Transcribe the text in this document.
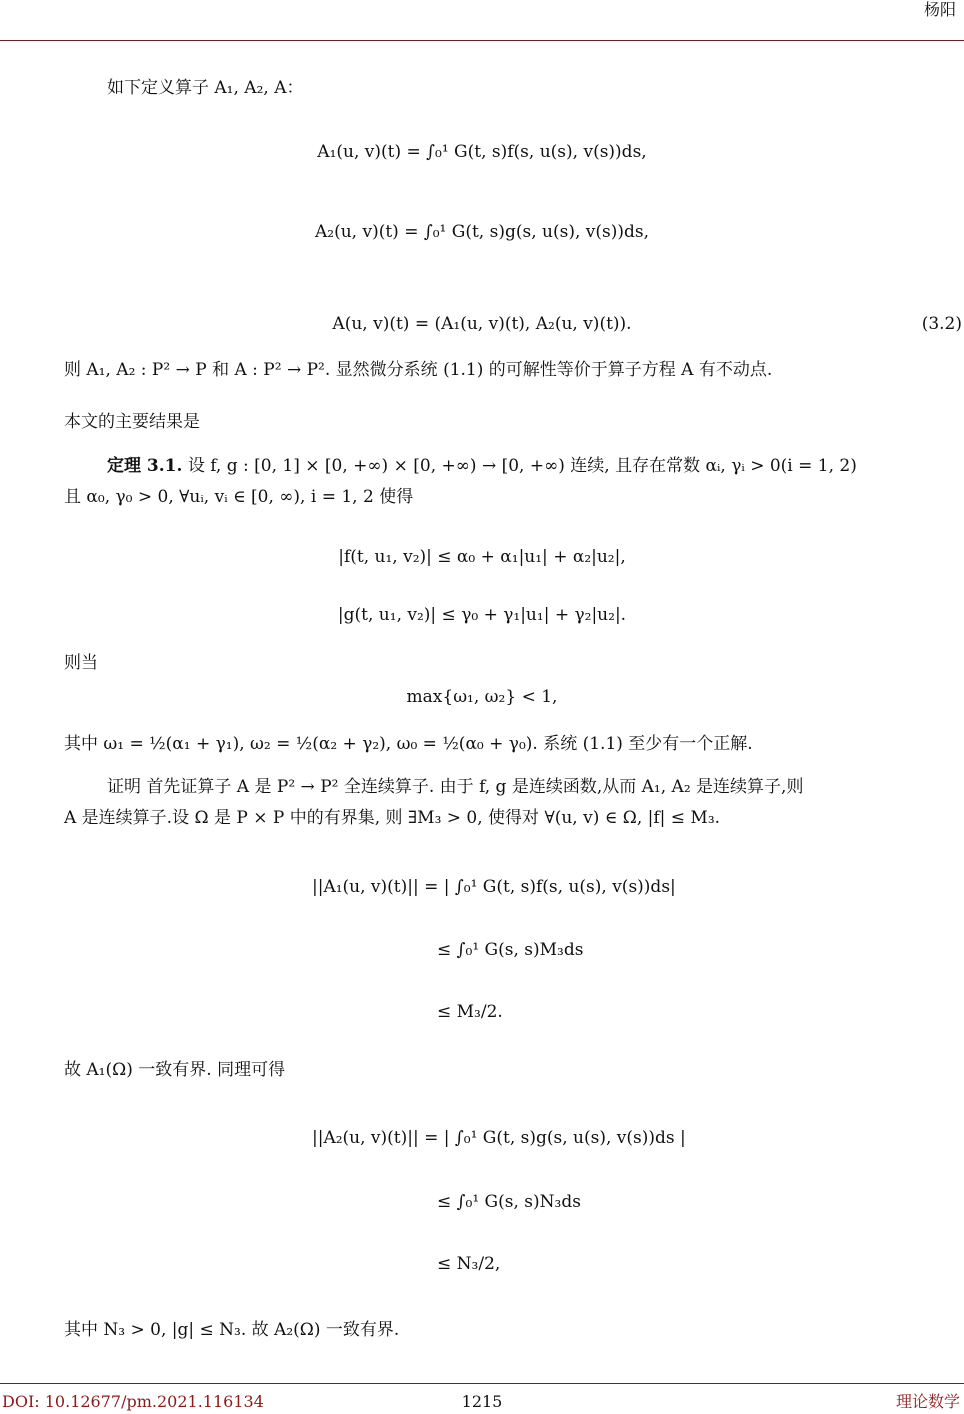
杨阳
如下定义算子 A₁, A₂, A：
A₁(u, v)(t) = ∫₀¹ G(t, s)f(s, u(s), v(s))ds,
A₂(u, v)(t) = ∫₀¹ G(t, s)g(s, u(s), v(s))ds,
A(u, v)(t) = (A₁(u, v)(t), A₂(u, v)(t)).	(3.2)
则 A₁, A₂ : P² → P 和 A : P² → P². 显然微分系统 (1.1) 的可解性等价于算子方程 A 有不动点.
本文的主要结果是
定理 3.1. 设 f, g : [0, 1] × [0, +∞) × [0, +∞) → [0, +∞) 连续, 且存在常数 αᵢ, γᵢ > 0(i = 1, 2)
且 α₀, γ₀ > 0, ∀uᵢ, vᵢ ∈ [0, ∞), i = 1, 2 使得
|f(t, u₁, v₂)| ≤ α₀ + α₁|u₁| + α₂|u₂|,
|g(t, u₁, v₂)| ≤ γ₀ + γ₁|u₁| + γ₂|u₂|.
则当
max{ω₁, ω₂} < 1,
其中 ω₁ = ½(α₁ + γ₁), ω₂ = ½(α₂ + γ₂), ω₀ = ½(α₀ + γ₀). 系统 (1.1) 至少有一个正解.
证明 首先证算子 A 是 P² → P² 全连续算子. 由于 f, g 是连续函数,从而 A₁, A₂ 是连续算子,则
A 是连续算子.设 Ω 是 P × P 中的有界集, 则 ∃M₃ > 0, 使得对 ∀(u, v) ∈ Ω, |f| ≤ M₃.
||A₁(u, v)(t)|| = | ∫₀¹ G(t, s)f(s, u(s), v(s))ds|
≤ ∫₀¹ G(s, s)M₃ds
≤ M₃/2.
故 A₁(Ω) 一致有界. 同理可得
||A₂(u, v)(t)|| = | ∫₀¹ G(t, s)g(s, u(s), v(s))ds |
≤ ∫₀¹ G(s, s)N₃ds
≤ N₃/2,
其中 N₃ > 0, |g| ≤ N₃. 故 A₂(Ω) 一致有界.
DOI: 10.12677/pm.2021.116134	1215	理论数学
